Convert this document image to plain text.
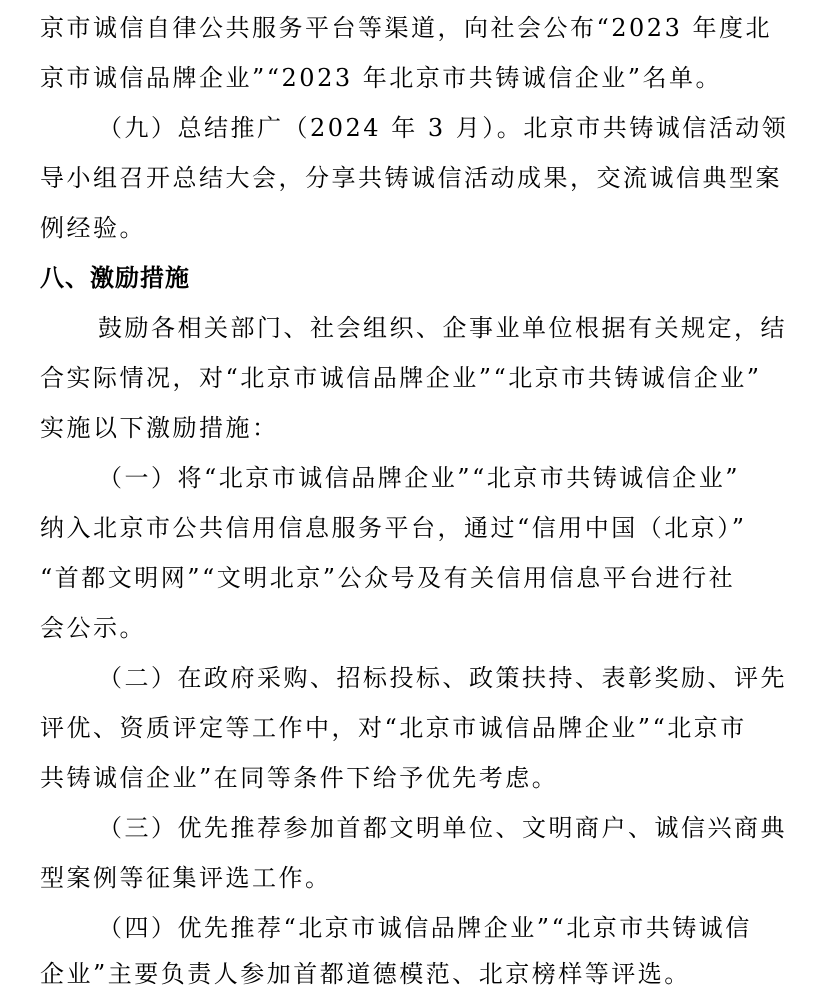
京市诚信自律公共服务平台等渠道，向社会公布“2023 年度北
京市诚信品牌企业”“2023 年北京市共铸诚信企业”名单。
（九）总结推广（2024 年 3 月）。北京市共铸诚信活动领
导小组召开总结大会，分享共铸诚信活动成果，交流诚信典型案
例经验。
八、激励措施
鼓励各相关部门、社会组织、企事业单位根据有关规定，结
合实际情况，对“北京市诚信品牌企业”“北京市共铸诚信企业”
实施以下激励措施：
（一）将“北京市诚信品牌企业”“北京市共铸诚信企业”
纳入北京市公共信用信息服务平台，通过“信用中国（北京）”
“首都文明网”“文明北京”公众号及有关信用信息平台进行社
会公示。
（二）在政府采购、招标投标、政策扶持、表彰奖励、评先
评优、资质评定等工作中，对“北京市诚信品牌企业”“北京市
共铸诚信企业”在同等条件下给予优先考虑。
（三）优先推荐参加首都文明单位、文明商户、诚信兴商典
型案例等征集评选工作。
（四）优先推荐“北京市诚信品牌企业”“北京市共铸诚信
企业”主要负责人参加首都道德模范、北京榜样等评选。
